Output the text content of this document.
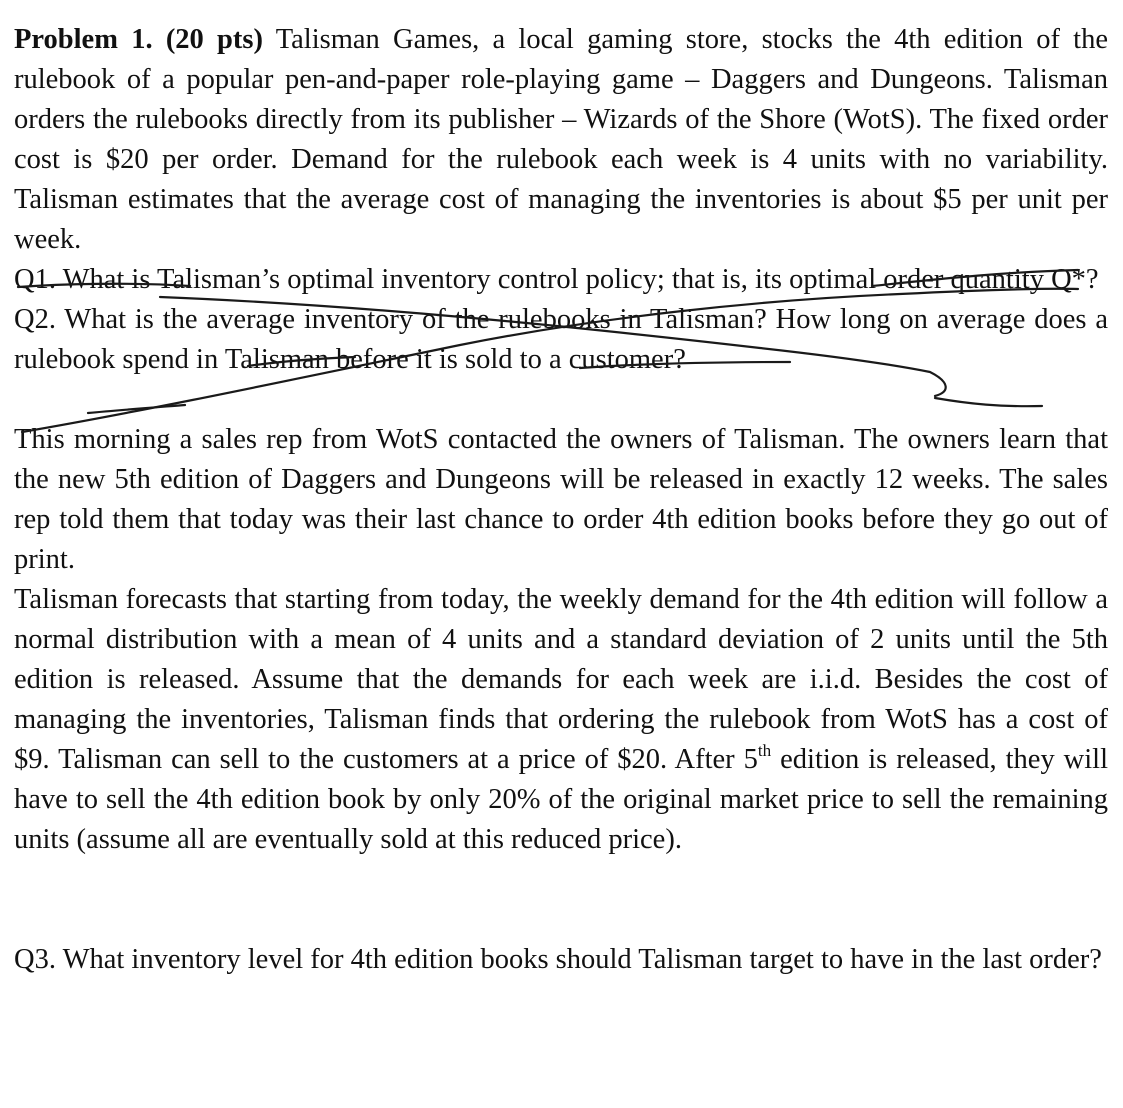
Problem 1. (20 pts) Talisman Games, a local gaming store, stocks the 4th edition of the rulebook of a popular pen-and-paper role-playing game – Daggers and Dungeons. Talisman orders the rulebooks directly from its publisher – Wizards of the Shore (WotS). The fixed order cost is $20 per order. Demand for the rulebook each week is 4 units with no variability. Talisman estimates that the average cost of managing the inventories is about $5 per unit per week.

Q1. What is Talisman’s optimal inventory control policy; that is, its optimal order quantity Q*?

Q2. What is the average inventory of the rulebooks in Talisman? How long on average does a rulebook spend in Talisman before it is sold to a customer?

This morning a sales rep from WotS contacted the owners of Talisman. The owners learn that the new 5th edition of Daggers and Dungeons will be released in exactly 12 weeks. The sales rep told them that today was their last chance to order 4th edition books before they go out of print.

Talisman forecasts that starting from today, the weekly demand for the 4th edition will follow a normal distribution with a mean of 4 units and a standard deviation of 2 units until the 5th edition is released. Assume that the demands for each week are i.i.d. Besides the cost of managing the inventories, Talisman finds that ordering the rulebook from WotS has a cost of $9. Talisman can sell to the customers at a price of $20. After 5th edition is released, they will have to sell the 4th edition book by only 20% of the original market price to sell the remaining units (assume all are eventually sold at this reduced price).

Q3. What inventory level for 4th edition books should Talisman target to have in the last order?
